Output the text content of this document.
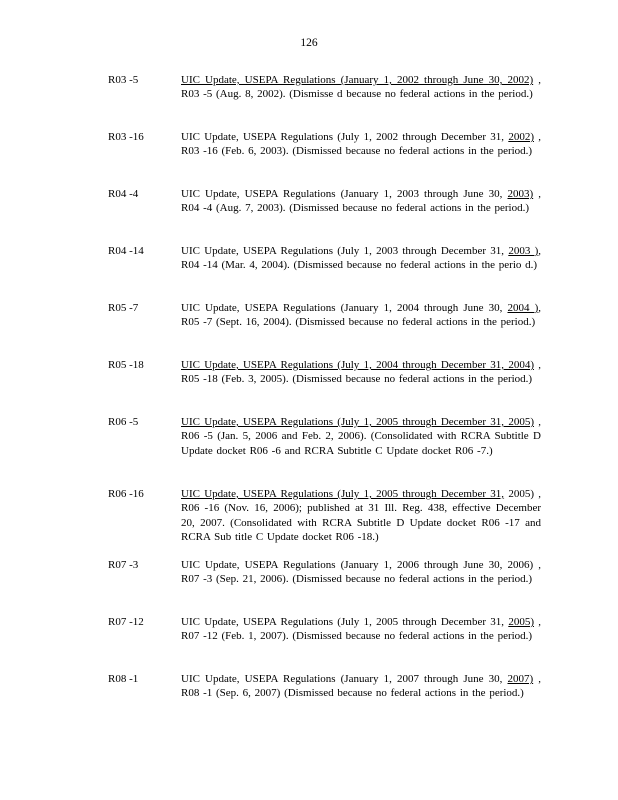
126
R03 -5	UIC Update, USEPA Regulations (January 1, 2002 through June 30, 2002) , R03 -5 (Aug. 8, 2002). (Dismisse d because no federal actions in the period.)
R03 -16	UIC Update, USEPA Regulations (July 1, 2002 through December 31, 2002) , R03 -16 (Feb. 6, 2003). (Dismissed because no federal actions in the period.)
R04 -4	UIC Update, USEPA Regulations (January 1, 2003 through June 30, 2003) , R04 -4 (Aug. 7, 2003). (Dismissed because no federal actions in the period.)
R04 -14	UIC Update, USEPA Regulations (July 1, 2003 through December 31, 2003 ), R04 -14 (Mar. 4, 2004). (Dismissed because no federal actions in the perio d.)
R05 -7	UIC Update, USEPA Regulations (January 1, 2004 through June 30, 2004 ), R05 -7 (Sept. 16, 2004). (Dismissed because no federal actions in the period.)
R05 -18	UIC Update, USEPA Regulations (July 1, 2004 through December 31, 2004) , R05 -18 (Feb. 3, 2005). (Dismissed because no federal actions in the period.)
R06 -5	UIC Update, USEPA Regulations (July 1, 2005 through December 31, 2005) , R06 -5 (Jan. 5, 2006 and Feb. 2, 2006). (Consolidated with RCRA Subtitle D Update docket R06 -6 and RCRA Subtitle C Update docket R06 -7.)
R06 -16	UIC Update, USEPA Regulations (July 1, 2005 through December 31, 2005) , R06 -16 (Nov. 16, 2006); published at 31 Ill. Reg. 438, effective December 20, 2007. (Consolidated with RCRA Subtitle D Update docket R06 -17 and RCRA Sub title C Update docket R06 -18.)
R07 -3	UIC Update, USEPA Regulations (January 1, 2006 through June 30, 2006) , R07 -3 (Sep. 21, 2006). (Dismissed because no federal actions in the period.)
R07 -12	UIC Update, USEPA Regulations (July 1, 2005 through December 31, 2005) , R07 -12 (Feb. 1, 2007). (Dismissed because no federal actions in the period.)
R08 -1	UIC Update, USEPA Regulations (January 1, 2007 through June 30, 2007) , R08 -1 (Sep. 6, 2007) (Dismissed because no federal actions in the period.)
